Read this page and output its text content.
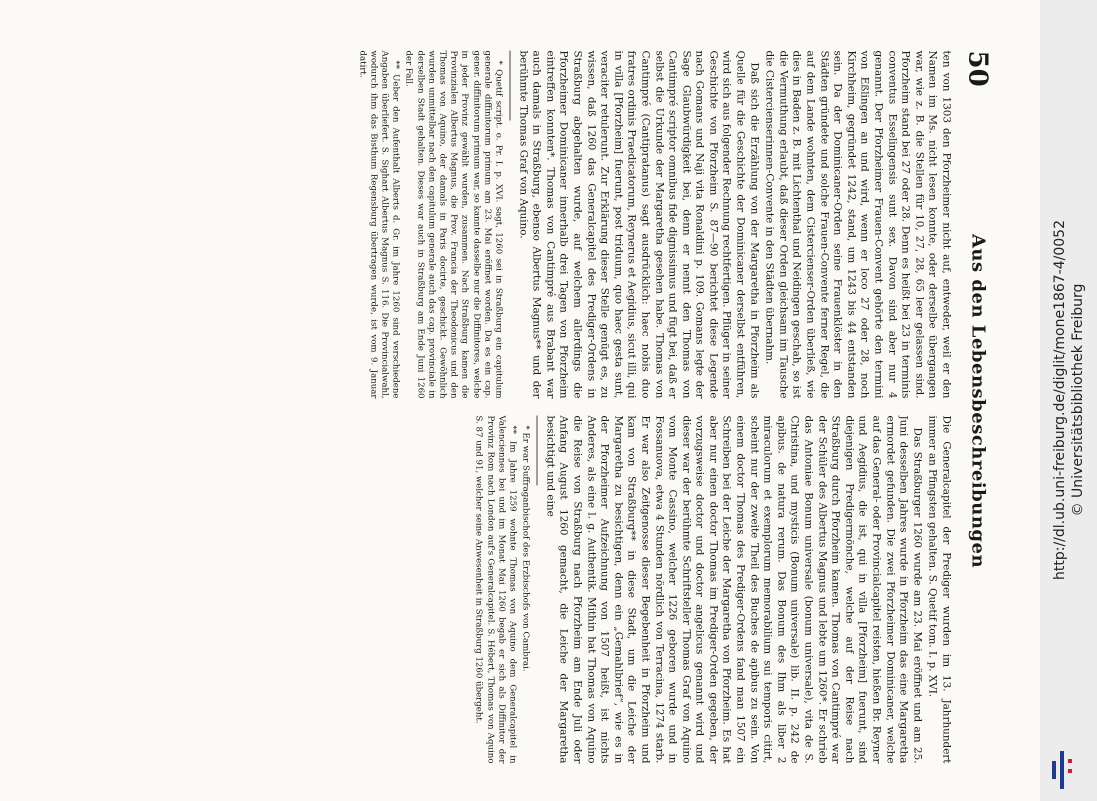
50
Aus den Lebensbeschreibungen

ten von 1303 den Pforzheimer nicht auf, entweder, weil er den Namen im Ms. nicht lesen konnte, oder derselbe übergangen war, wie z. B. die Stellen für 10, 27, 28, 65 leer gelassen sind. Pforzheim stand bei 27 oder 28. Denn es heißt bei 23 in terminis conventus Esselingensis sunt sex. Davon sind aber nur 4 genannt. Der Pforzheimer Frauen-Convent gehörte den termini von Eßlingen an und wird, wenn er loco 27 oder 28, noch Kirchheim, gegründet 1242, stand, um 1243 bis 44 entstanden sein. Da der Dominicaner-Orden seine Frauenklöster in den Städten gründete und solche Frauen-Convente ferner Regel, die auf dem Lande wohnten, dem Cistercienser-Orden überließ, wie dies in Baden z. B. mit Lichtenthal und Neidingen geschah, so ist die Vermuthung erlaubt, daß dieser Orden gleichsam im Tausche die Cistercienserinnen-Convente in den Städten übernahm.

Daß sich die Erzählung von der Margaretha in Pforzheim als Quelle für die Geschichte der Dominicaner derselbst entführen, wird sich aus folgender Rechnung rechtfertigen. Pflüger in seiner Geschichte von Pforzheim S. 87—90 berichtet diese Legende nach Gomans und Naji vita Ronaldini p. 109. Gomans legte der Sage Glaubwürdigkeit bei, denn er nennt den Thomas von Cantimpré scriptor omnibus fide dignissimus und fügt bei, daß er selbst die Urkunde der Margaretha gesehen habe. Thomas von Cantimpré (Cantipratanus) sagt ausdrücklich: haec nobis duo fratres ordinis Praedicatorum, Reynerus et Aegidius, sicut illi, qui in villa [Pforzheim] fuerunt, post triduum, quo haec gesta sunt, veraciter retulerunt. Zur Erklärung dieser Stelle genügt es, zu wissen, daß 1260 das Generalcapitel des Prediger-Ordens in Straßburg abgehalten wurde, auf welchem allerdings die Pforzheimer Dominicaner innerhalb drei Tagen von Pforzheim eintreffen konnten*. Thomas von Cantimpré aus Brabant war auch damals in Straßburg, ebenso Albertus Magnus** und der berühmte Thomas Graf von Aquino.

* Quetif script. o. Pr. I. p. XVI. sagt, 1260 sei in Straßburg ein capitulum generale diffinitorum primum am 23. Mai eröffnet worden. Da es ein cap. gener. diffinitorum primum war, so kannte dasselbe nur die Diffinitores, welche in jeder Provinz gewählt wurden, zusammen. Nach Straßburg kamen die Provinzialen Albertus Magnus, die Prov. Francia der Theodonicus und den Thomas von Aquino, der damals in Paris docirte, geschickt. Gewöhnlich wurden unmittelbar nach den capitulum generale auch das cap. provinciale in derselben Stadt gehalten. Dieses war auch in Straßburg am Ende Juni 1260 der Fall.

** Ueber den Aufenthalt Alberts d. Gr. im Jahre 1260 sind verschiedene Angaben überliefert. S. Sighart Albertus Magnus S. 116. Die Provincialwahl, wodurch ihm das Bisthum Regensburg übertragen wurde, ist vom 9. Januar datirt.

Die Generalcapitel der Prediger wurden im 13. Jahrhundert immer an Pfingsten gehalten. S. Quetif tom. I. p. XVI.

Das Straßburger 1260 wurde am 23. Mai eröffnet und am 25. Juni desselben Jahres wurde in Pforzheim das eine Margaretha ermordet gefunden. Die zwei Pforzheimer Dominicaner, welche auf das General- oder Provincialcapitel reisten, hießen Br. Reyner und Aegidius, die ist, qui in villa [Pforzheim] fuerunt, sind diejenigen Predigermönche, welche auf der Reise nach Straßburg durch Pforzheim kamen. Thomas von Cantimpré war der Schüler des Albertus Magnus und lebte um 1260*. Er schrieb das Antoniae Bonum universale (bonum universale), vita de S. Christina, und mysticis (Bonum universale) lib. II. p. 242 de apibus. de natura rerum. Das Bonum des Ihm als liber 2 miraculorum et exemplorum memorabilium sui temporis citirt, scheint nur der zweite Theil des Buches de apibus zu sein. Von einem doctor Thomas des Prediger-Ordens fand man 1507 ein Schreiben bei der Leiche der Margaretha von Pforzheim. Es hat aber nur einen doctor Thomas im Prediger-Orden gegeben, der vorzugsweise doctor und doctor angelicus genannt wird und dieser war der berühmte Schriftsteller Thomas Graf von Aquino vom Monte Cassino, welcher 1226 geboren wurde und in Fossanuova, etwa 4 Stunden nördlich von Terracina, 1274 starb. Er war also Zeitgenosse dieser Begebenheit in Pforzheim und kam von Straßburg** in diese Stadt, um die Leiche der Margaretha zu besichtigen, denn ein „Gemahlbrief“, wie es in der Pforzheimer Aufzeichnung von 1507 heißt, ist nichts Anderes, als eine l. g. Authentik. Mithin hat Thomas von Aquino die Reise von Straßburg nach Pforzheim am Ende Juli oder Anfang August 1260 gemacht, die Leiche der Margaretha besichtigt und eine

* Er war Suffraganbischof des Erzbischofs von Cambrai.

** Im Jahre 1259 wohnte Thomas von Aquino dem Generalcapitel in Valenciennes bei und im Monat Mai 1260 begab er sich als Diffinitor der Provinz Rom nach London auf's Generalcapitel. S. Hébert, Thomas von Aquino S. 87 und 91, welcher seine Anwesenheit in Straßburg 1260 übergeht.	http://dl.ub.uni-freiburg.de/diglit/mone1867-4/0052 © Universitätsbibliothek Freiburg
